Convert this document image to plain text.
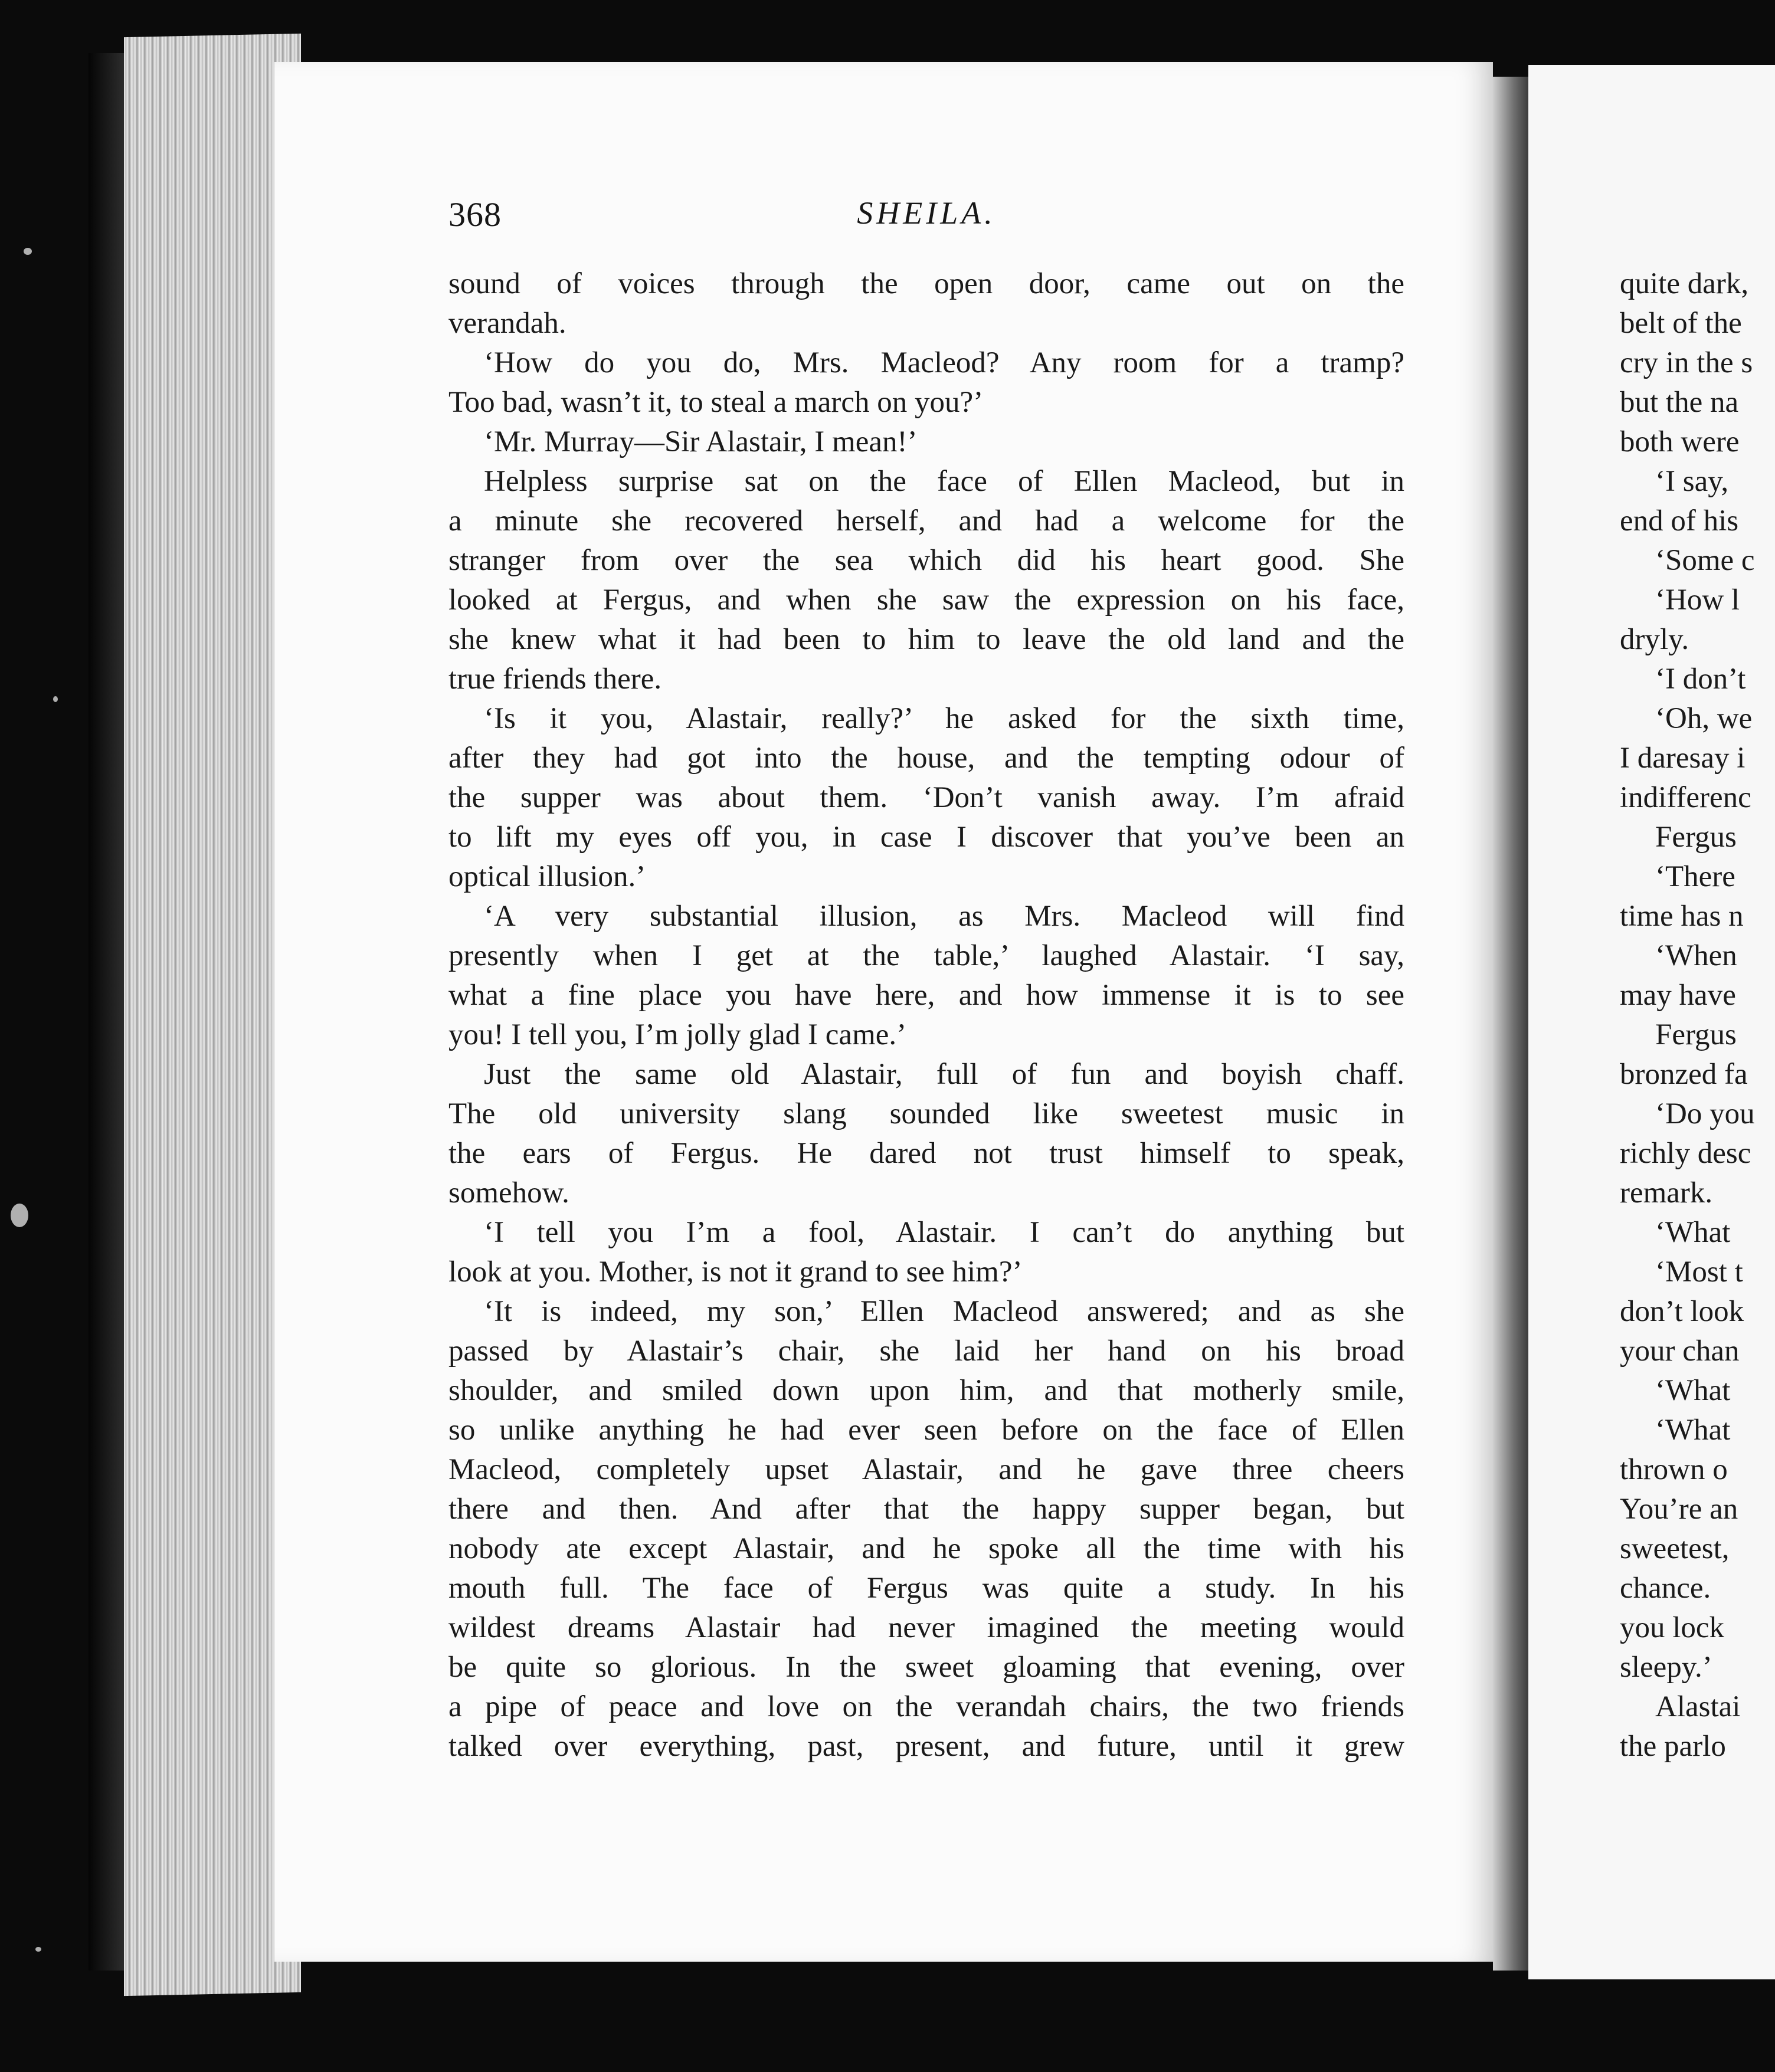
368	SHEILA.
sound of voices through the open door, came out on the
verandah.
‘How do you do, Mrs. Macleod? Any room for a tramp?
Too bad, wasn’t it, to steal a march on you?’
‘Mr. Murray—Sir Alastair, I mean!’
Helpless surprise sat on the face of Ellen Macleod, but in
a minute she recovered herself, and had a welcome for the
stranger from over the sea which did his heart good. She
looked at Fergus, and when she saw the expression on his face,
she knew what it had been to him to leave the old land and the
true friends there.
‘Is it you, Alastair, really?’ he asked for the sixth time,
after they had got into the house, and the tempting odour of
the supper was about them. ‘Don’t vanish away. I’m afraid
to lift my eyes off you, in case I discover that you’ve been an
optical illusion.’
‘A very substantial illusion, as Mrs. Macleod will find
presently when I get at the table,’ laughed Alastair. ‘I say,
what a fine place you have here, and how immense it is to see
you! I tell you, I’m jolly glad I came.’
Just the same old Alastair, full of fun and boyish chaff.
The old university slang sounded like sweetest music in
the ears of Fergus. He dared not trust himself to speak,
somehow.
‘I tell you I’m a fool, Alastair. I can’t do anything but
look at you. Mother, is not it grand to see him?’
‘It is indeed, my son,’ Ellen Macleod answered; and as she
passed by Alastair’s chair, she laid her hand on his broad
shoulder, and smiled down upon him, and that motherly smile,
so unlike anything he had ever seen before on the face of Ellen
Macleod, completely upset Alastair, and he gave three cheers
there and then. And after that the happy supper began, but
nobody ate except Alastair, and he spoke all the time with his
mouth full. The face of Fergus was quite a study. In his
wildest dreams Alastair had never imagined the meeting would
be quite so glorious. In the sweet gloaming that evening, over
a pipe of peace and love on the verandah chairs, the two friends
talked over everything, past, present, and future, until it grew
quite dark,
belt of the
cry in the s
but the na
both were
‘I say,
end of his
‘Some c
‘How l
dryly.
‘I don’t
‘Oh, we
I daresay i
indifferenc
Fergus
‘There
time has n
‘When
may have
Fergus
bronzed fa
‘Do you
richly desc
remark.
‘What
‘Most t
don’t look
your chan
‘What
‘What
thrown o
You’re an
sweetest,
chance.
you lock
sleepy.’
Alastai
the parlo
